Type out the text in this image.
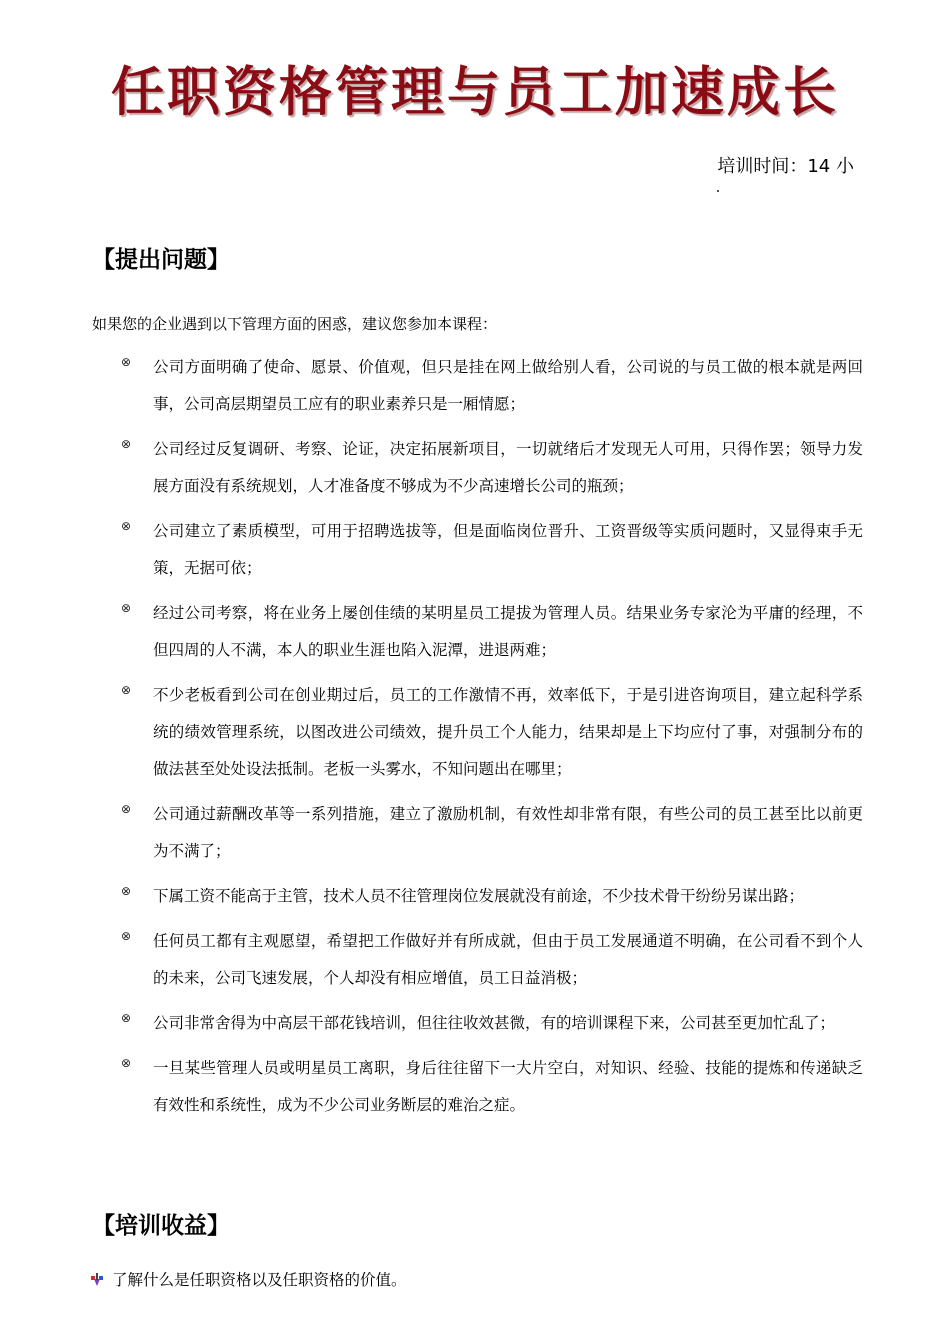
任职资格管理与员工加速成长
培训时间：14 小
【提出问题】
如果您的企业遇到以下管理方面的困惑，建议您参加本课程：
⊗ 公司方面明确了使命、愿景、价值观，但只是挂在网上做给别人看，公司说的与员工做的根本就是两回事，公司高层期望员工应有的职业素养只是一厢情愿；
⊗ 公司经过反复调研、考察、论证，决定拓展新项目，一切就绪后才发现无人可用，只得作罢；领导力发展方面没有系统规划，人才准备度不够成为不少高速增长公司的瓶颈；
⊗ 公司建立了素质模型，可用于招聘选拔等，但是面临岗位晋升、工资晋级等实质问题时，又显得束手无策，无据可依；
⊗ 经过公司考察，将在业务上屡创佳绩的某明星员工提拔为管理人员。结果业务专家沦为平庸的经理，不但四周的人不满，本人的职业生涯也陷入泥潭，进退两难；
⊗ 不少老板看到公司在创业期过后，员工的工作激情不再，效率低下，于是引进咨询项目，建立起科学系统的绩效管理系统，以图改进公司绩效，提升员工个人能力，结果却是上下均应付了事，对强制分布的做法甚至处处设法抵制。老板一头雾水，不知问题出在哪里；
⊗ 公司通过薪酬改革等一系列措施，建立了激励机制，有效性却非常有限，有些公司的员工甚至比以前更为不满了；
⊗ 下属工资不能高于主管，技术人员不往管理岗位发展就没有前途，不少技术骨干纷纷另谋出路；
⊗ 任何员工都有主观愿望，希望把工作做好并有所成就，但由于员工发展通道不明确，在公司看不到个人的未来，公司飞速发展，个人却没有相应增值，员工日益消极；
⊗ 公司非常舍得为中高层干部花钱培训，但往往收效甚微，有的培训课程下来，公司甚至更加忙乱了；
⊗ 一旦某些管理人员或明星员工离职，身后往往留下一大片空白，对知识、经验、技能的提炼和传递缺乏有效性和系统性，成为不少公司业务断层的难治之症。
【培训收益】
了解什么是任职资格以及任职资格的价值。
